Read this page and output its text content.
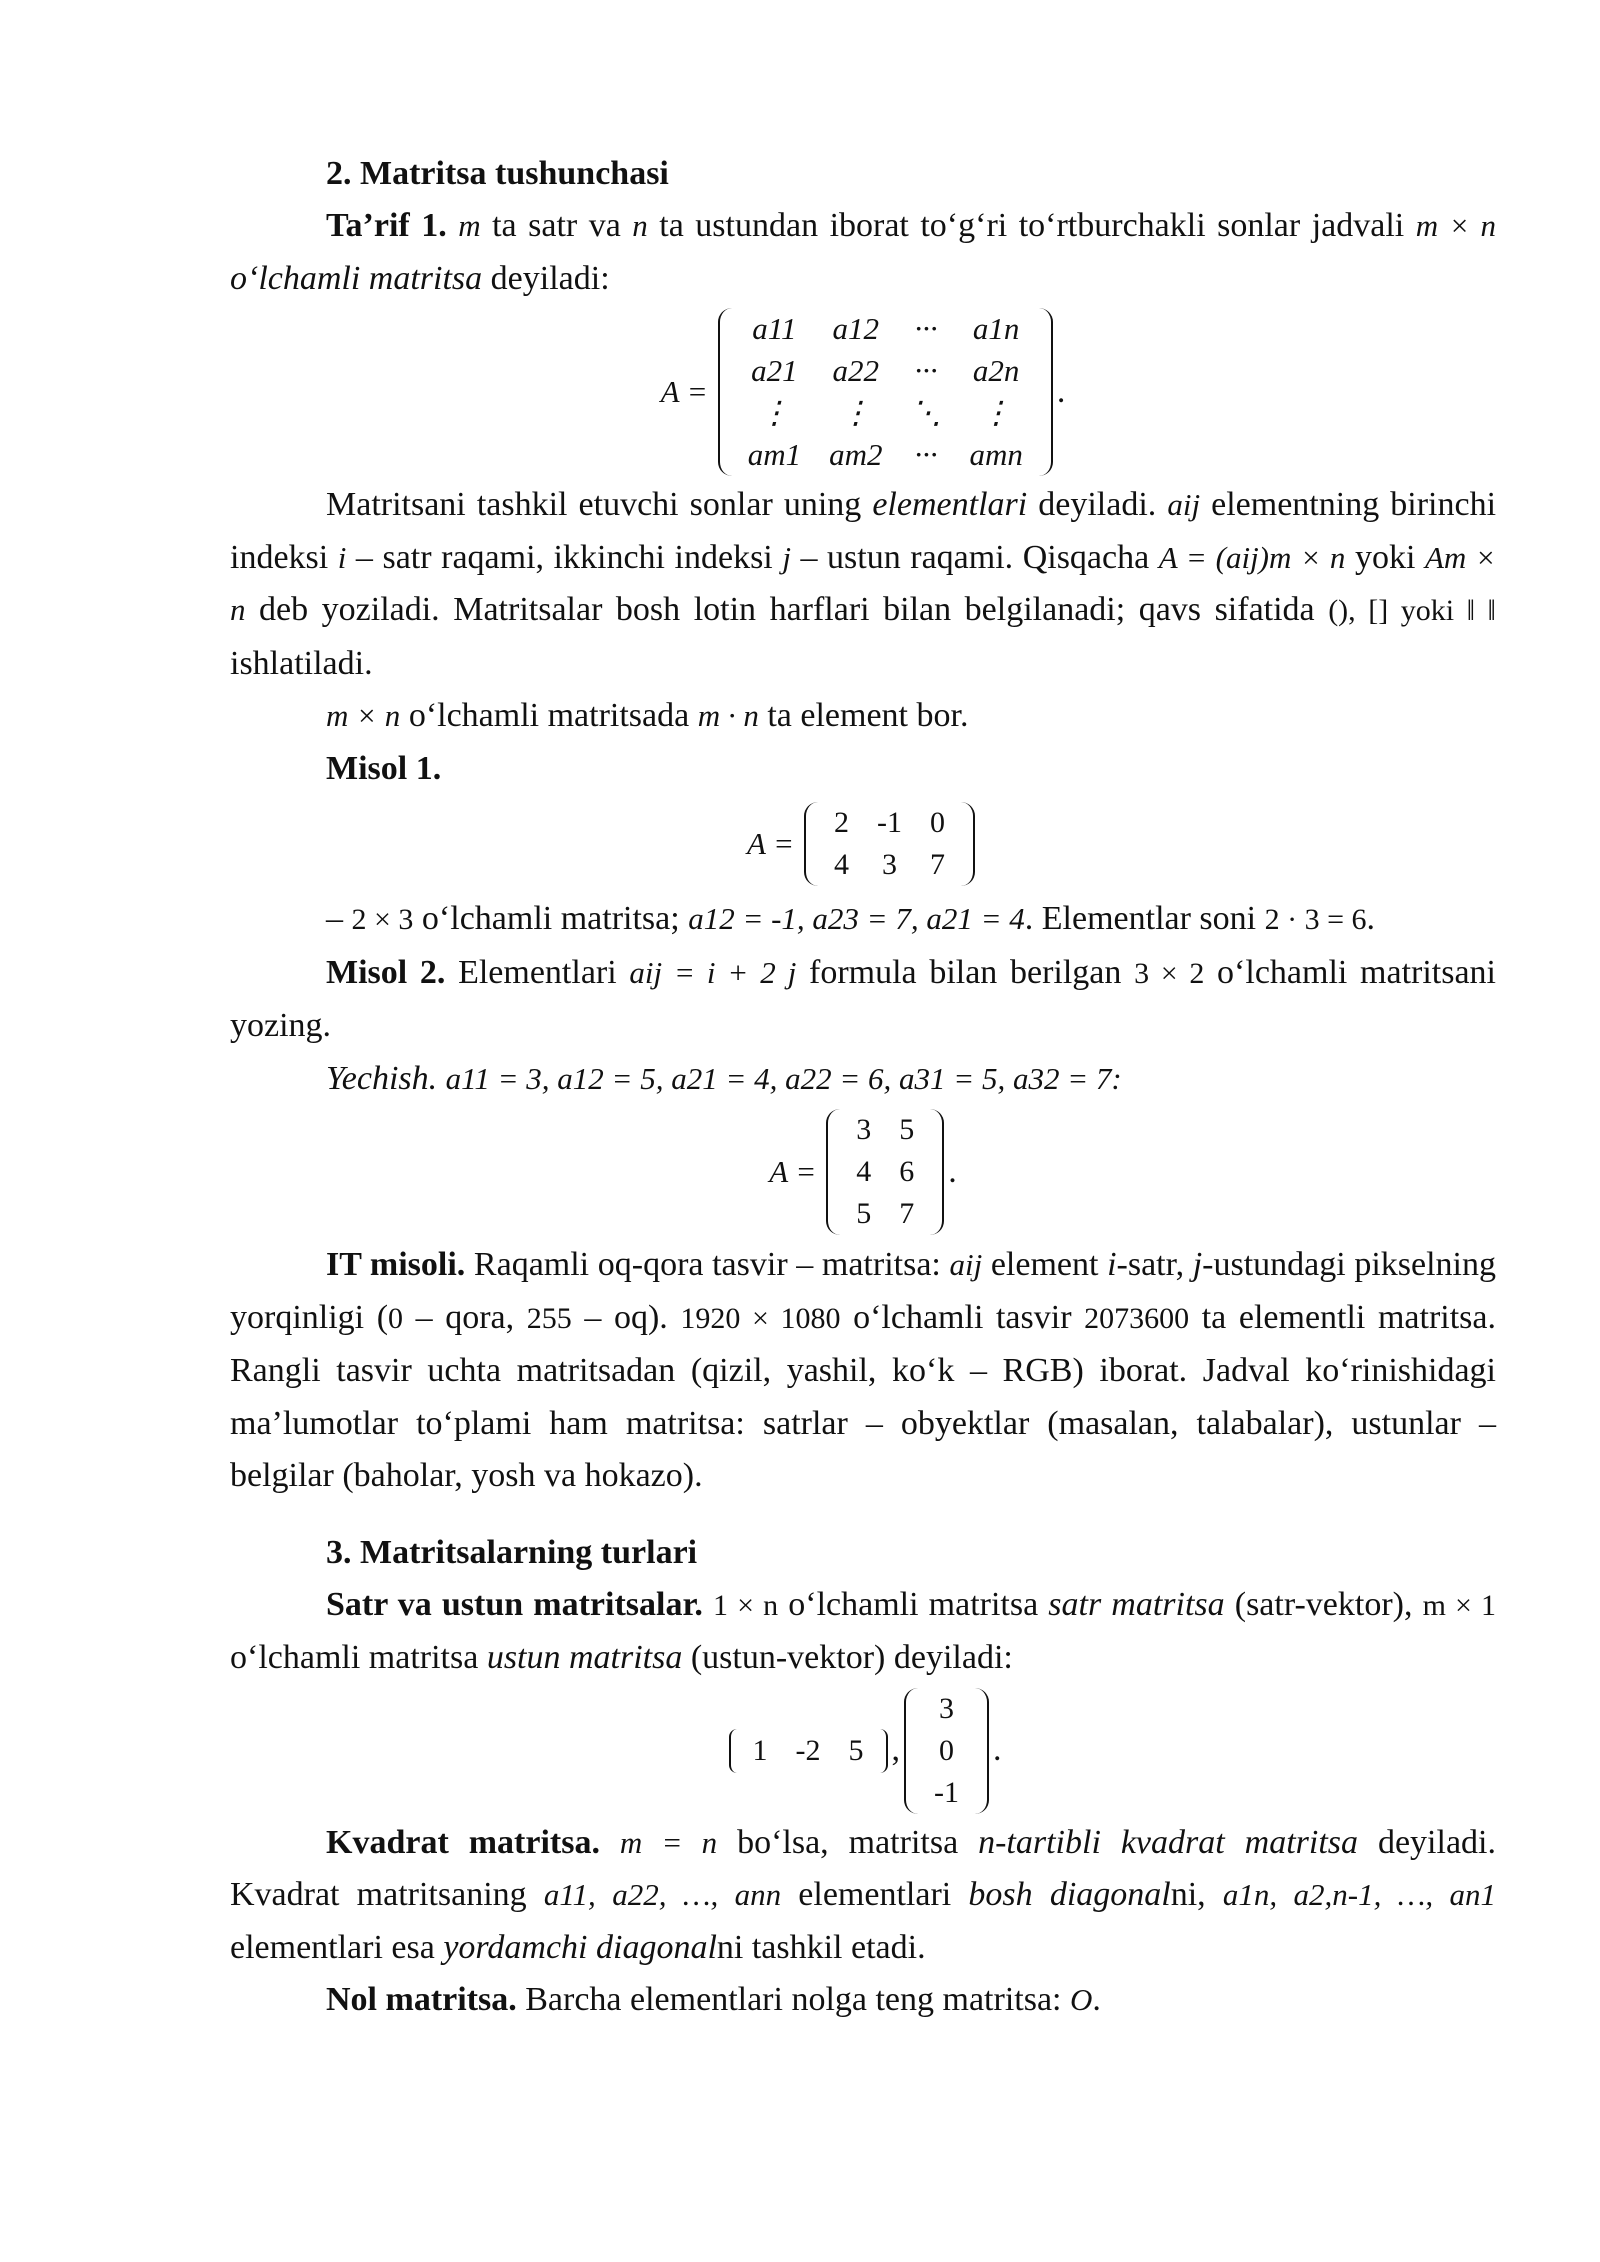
2. Matritsa tushunchasi

Ta’rif 1. m ta satr va n ta ustundan iborat to‘g‘ri to‘rtburchakli sonlar jadvali m × n o‘lchamli matritsa deyiladi:

A =
a11	a12	···	a1n
a21	a22	···	a2n
⋮	⋮	⋱	⋮
am1	am2	···	amn
.

Matritsani tashkil etuvchi sonlar uning elementlari deyiladi. aij elementning birinchi indeksi i – satr raqami, ikkinchi indeksi j – ustun raqami. Qisqacha A = (aij)m × n yoki Am × n deb yoziladi. Matritsalar bosh lotin harflari bilan belgilanadi; qavs sifatida (), [] yoki ‖ ‖ ishlatiladi.

m × n o‘lchamli matritsada m · n ta element bor.

Misol 1.

A =
2	-1	0
4	3	7

– 2 × 3 o‘lchamli matritsa; a12 = -1, a23 = 7, a21 = 4. Elementlar soni 2 · 3 = 6.

Misol 2. Elementlari aij = i + 2 j formula bilan berilgan 3 × 2 o‘lchamli matritsani yozing.

Yechish. a11 = 3, a12 = 5, a21 = 4, a22 = 6, a31 = 5, a32 = 7:

A =
3	5
4	6
5	7
.

IT misoli. Raqamli oq-qora tasvir – matritsa: aij element i-satr, j-ustundagi pikselning yorqinligi (0 – qora, 255 – oq). 1920 × 1080 o‘lchamli tasvir 2073600 ta elementli matritsa. Rangli tasvir uchta matritsadan (qizil, yashil, ko‘k – RGB) iborat. Jadval ko‘rinishidagi ma’lumotlar to‘plami ham matritsa: satrlar – obyektlar (masalan, talabalar), ustunlar – belgilar (baholar, yosh va hokazo).

3. Matritsalarning turlari

Satr va ustun matritsalar. 1 × n o‘lchamli matritsa satr matritsa (satr-vektor), m × 1 o‘lchamli matritsa ustun matritsa (ustun-vektor) deyiladi:

1	-2	5 ,
3
0
-1
.

Kvadrat matritsa. m = n bo‘lsa, matritsa n-tartibli kvadrat matritsa deyiladi. Kvadrat matritsaning a11, a22, …, ann elementlari bosh diagonalni, a1n, a2,n-1, …, an1 elementlari esa yordamchi diagonalni tashkil etadi.

Nol matritsa. Barcha elementlari nolga teng matritsa: O.
